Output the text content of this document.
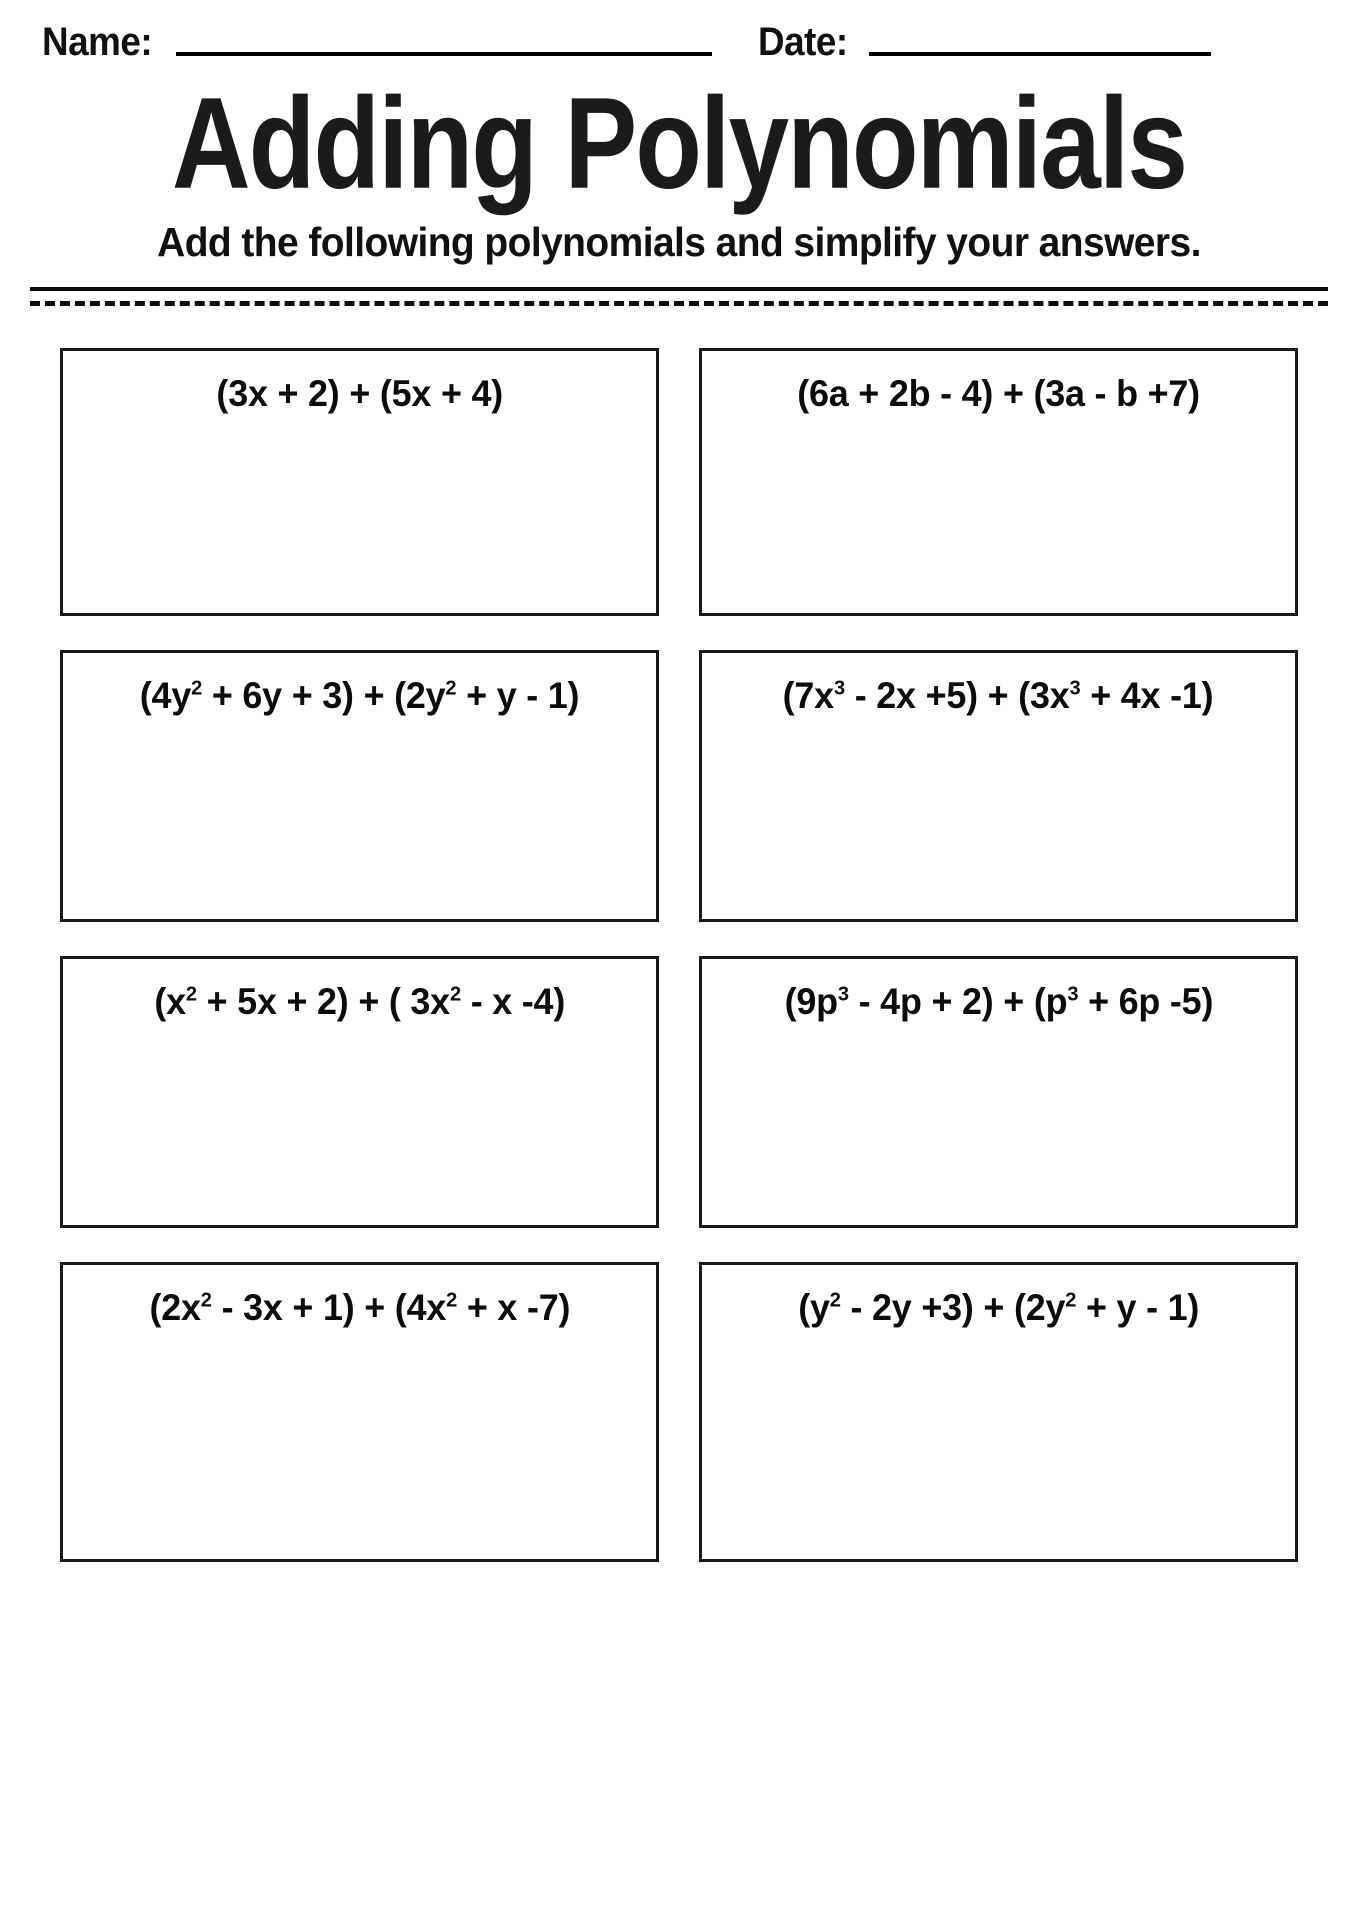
Name:	Date:
Adding Polynomials
Add the following polynomials and simplify your answers.
(3x + 2) + (5x + 4)	(6a + 2b - 4) + (3a - b +7)
$(4y^2 + 6y + 3) + (2y^2 + y - 1)$	$(7x^3 - 2x +5) + (3x^3 + 4x$ -1)
$(x^2 + 5x + 2)$ + ( $3x^2$ - x -4)	$(9p^3 - 4p + 2) + (p^3 + 6p$ -5)
$(2x^2 - 3x + 1) + (4x^2 + x$ -7)	$(y^2 - 2y +3) + (2y^2 + y - 1)$
